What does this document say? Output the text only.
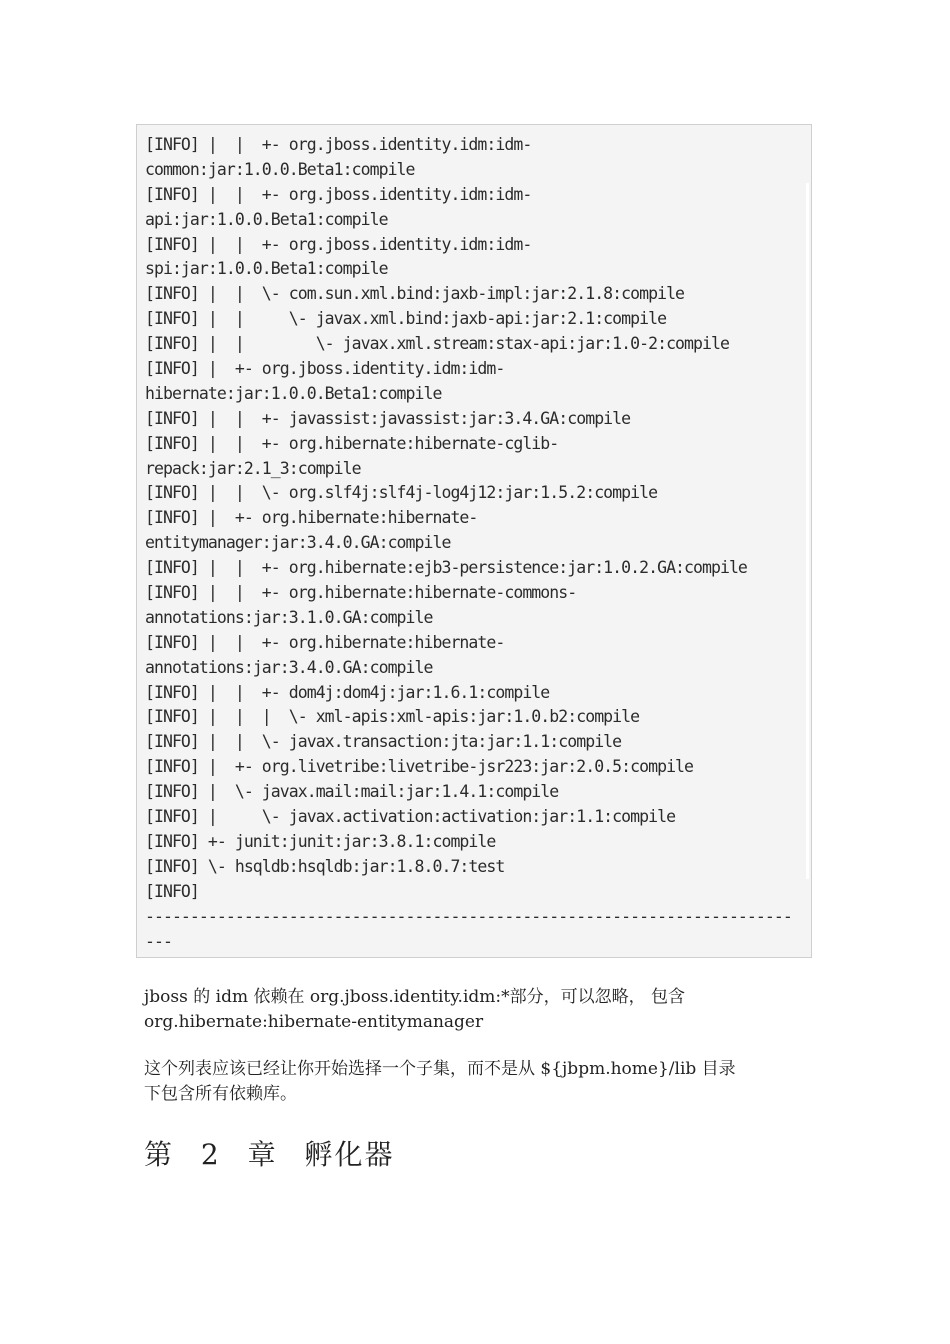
[INFO] |  |  +- org.jboss.identity.idm:idm-
common:jar:1.0.0.Beta1:compile
[INFO] |  |  +- org.jboss.identity.idm:idm-
api:jar:1.0.0.Beta1:compile
[INFO] |  |  +- org.jboss.identity.idm:idm-
spi:jar:1.0.0.Beta1:compile
[INFO] |  |  \- com.sun.xml.bind:jaxb-impl:jar:2.1.8:compile
[INFO] |  |     \- javax.xml.bind:jaxb-api:jar:2.1:compile
[INFO] |  |        \- javax.xml.stream:stax-api:jar:1.0-2:compile
[INFO] |  +- org.jboss.identity.idm:idm-
hibernate:jar:1.0.0.Beta1:compile
[INFO] |  |  +- javassist:javassist:jar:3.4.GA:compile
[INFO] |  |  +- org.hibernate:hibernate-cglib-
repack:jar:2.1_3:compile
[INFO] |  |  \- org.slf4j:slf4j-log4j12:jar:1.5.2:compile
[INFO] |  +- org.hibernate:hibernate-
entitymanager:jar:3.4.0.GA:compile
[INFO] |  |  +- org.hibernate:ejb3-persistence:jar:1.0.2.GA:compile
[INFO] |  |  +- org.hibernate:hibernate-commons-
annotations:jar:3.1.0.GA:compile
[INFO] |  |  +- org.hibernate:hibernate-
annotations:jar:3.4.0.GA:compile
[INFO] |  |  +- dom4j:dom4j:jar:1.6.1:compile
[INFO] |  |  |  \- xml-apis:xml-apis:jar:1.0.b2:compile
[INFO] |  |  \- javax.transaction:jta:jar:1.1:compile
[INFO] |  +- org.livetribe:livetribe-jsr223:jar:2.0.5:compile
[INFO] |  \- javax.mail:mail:jar:1.4.1:compile
[INFO] |     \- javax.activation:activation:jar:1.1:compile
[INFO] +- junit:junit:jar:3.8.1:compile
[INFO] \- hsqldb:hsqldb:jar:1.8.0.7:test
[INFO]
------------------------------------------------------------------------
---

jboss 的 idm 依赖在 org.jboss.identity.idm:*部分，可以忽略， 包含
org.hibernate:hibernate-entitymanager

这个列表应该已经让你开始选择一个子集，而不是从 ${jbpm.home}/lib 目录
下包含所有依赖库。

第 2 章 孵化器
